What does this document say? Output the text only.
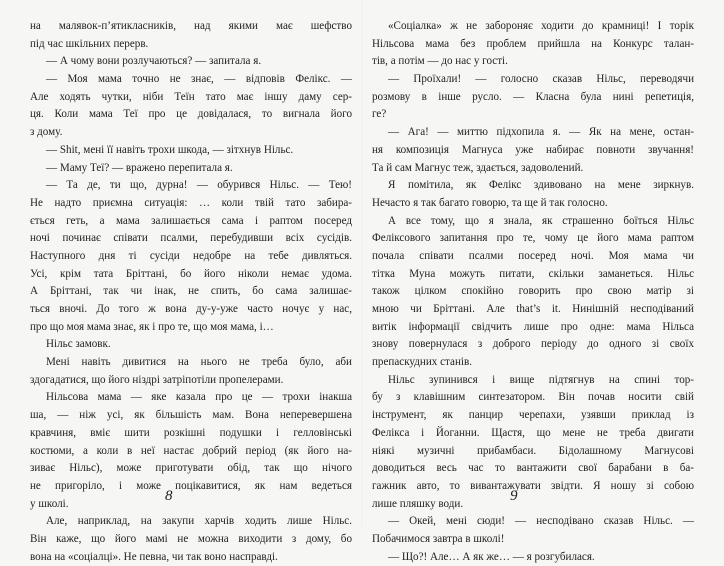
на малявок-п’ятикласників, над якими має шефство
під час шкільних перерв.
— А чому вони розлучаються? — запитала я.
— Моя мама точно не знає, — відповів Фелікс. —
Але ходять чутки, ніби Теїн тато має іншу даму сер-
ця. Коли мама Теї про це довідалася, то вигнала його
з дому.
— Shit, мені її навіть трохи шкода, — зітхнув Нільс.
— Маму Теї? — вражено перепитала я.
— Та де, ти що, дурна! — обурився Нільс. — Тею!
Не надто приємна ситуація: … коли твій тато забира-
ється геть, а мама залишається сама і раптом посеред
ночі починає співати псалми, перебудивши всіх сусідів.
Наступного дня ті сусіди недобре на тебе дивляться.
Усі, крім тата Бріттані, бо його ніколи немає удома.
А Бріттані, так чи інак, не спить, бо сама залишає-
ться вночі. До того ж вона ду-у-уже часто ночує у нас,
про що моя мама знає, як і про те, що моя мама, і…
Нільс замовк.
Мені навіть дивитися на нього не треба було, аби
здогадатися, що його ніздрі затріпотіли пропелерами.
Нільсова мама — яке казала про це — трохи інакша
ша, — ніж усі, як більшість мам. Вона неперевершена
кравчиня, вміє шити розкішні подушки і гелловінські
костюми, а коли в неї настає добрий період (як його на-
зиває Нільс), може приготувати обід, так що нічого
не пригоріло, і може поцікавитися, як нам ведеться
у школі.
Але, наприклад, на закупи харчів ходить лише Нільс.
Він каже, що його мамі не можна виходити з дому, бо
вона на «соціалці». Не певна, чи так воно насправді.
8
«Соціалка» ж не забороняє ходити до крамниці! І торік
Нільсова мама без проблем прийшла на Конкурс талан-
тів, а потім — до нас у гості.
— Проїхали! — голосно сказав Нільс, переводячи
розмову в інше русло. — Класна була нині репетиція,
ге?
— Ага! — миттю підхопила я. — Як на мене, остан-
ня композиція Магнуса уже набирає повноти звучання!
Та й сам Магнус теж, здається, задоволений.
Я помітила, як Фелікс здивовано на мене зиркнув.
Нечасто я так багато говорю, та ще й так голосно.
А все тому, що я знала, як страшенно боїться Нільс
Феліксового запитання про те, чому це його мама раптом
почала співати псалми посеред ночі. Моя мама чи
тітка Муна можуть питати, скільки заманеться. Нільс
також цілком спокійно говорить про свою матір зі
мною чи Бріттані. Але that’s it. Нинішній несподіваний
витік інформації свідчить лише про одне: мама Нільса
знову повернулася з доброго періоду до одного зі своїх
препаскудних станів.
Нільс зупинився і вище підтягнув на спині тор-
бу з клавішним синтезатором. Він почав носити свій
інструмент, як панцир черепахи, узявши приклад із
Фелікса і Йоганни. Щастя, що мене не треба двигати
ніякі музичні прибамбаси. Бідолашному Магнусові
доводиться весь час то вантажити свої барабани в ба-
гажник авто, то вивантажувати звідти. Я ношу зі собою
лише пляшку води.
— Окей, мені сюди! — несподівано сказав Нільс. —
Побачимося завтра в школі!
— Що?! Але… А як же… — я розгубилася.
9
